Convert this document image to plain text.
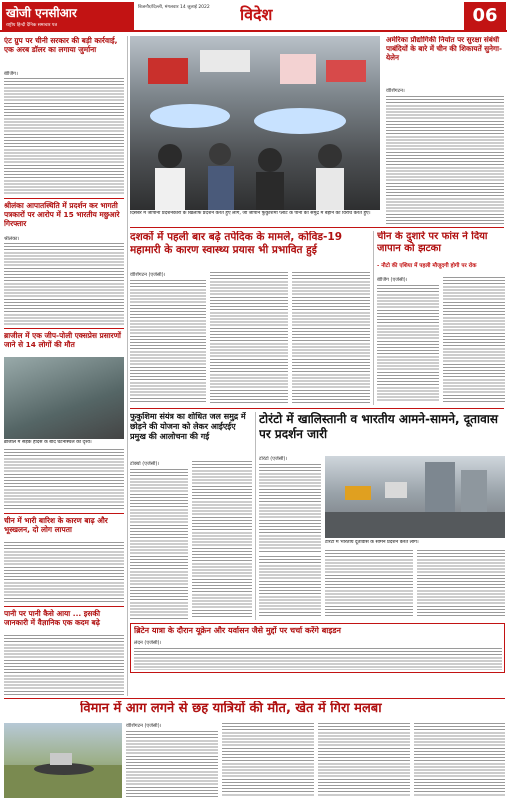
खोजी एनसीआर
राष्ट्रीय हिन्दी दैनिक समाचार पत्र
बिजनौर/दिल्ली, मंगलवार 14 जुलाई 2022	विदेश	06
एंट ग्रुप पर चीनी सरकार की बड़ी कार्रवाई, एक अरब डॉलर का लगाया जुर्माना
बीजिंग।
श्रीलंका आपातस्थिति में प्रदर्शन कर भागती पत्रकारों पर आरोप में 15 भारतीय मछुआरे गिरफ्तार
श्रीलंका।
ब्राजील में एक जीप-पोली एक्सप्रेस प्रसारणों जाने से 14 लोगों की मौत
ब्राजील में सड़क हादसे के बाद घटनास्थल का दृश्य।
चीन में भारी बारिश के कारण बाढ़ और भूस्खलन, दो लोग लापता
पानी पर पानी कैसे आया ... इसकी जानकारी में वैज्ञानिक एक कदम बढ़े
दिसंबर में जापानी प्रदर्शनकारी के खिलाफ प्रदर्शन करते हुए लोग, जो जापान फुकुशिमा प्लांट के पानी को समुद्र में बहाने का विरोध करते हुए।
अमेरिका प्रौद्योगिकी निर्यात पर सुरक्षा संबंधी पाबंदियों के बारे में चीन की शिकायतें सुनेगा-येलेन
वॉशिंगटन।
दशकों में पहली बार बढ़े तपेदिक के मामले, कोविड-19 महामारी के कारण स्वास्थ्य प्रयास भी प्रभावित हुई
वॉशिंगटन (एजेंसी)।
चीन के दुशारे पर फांस ने दिया जापान को झटका
- नौटो की एशिया में पहली मौजूदगी होगी पर रोक
बीजिंग (एजेंसी)।
फुकुशिमा संयंत्र का शोधित जल समुद्र में छोड़ने की योजना को लेकर आईएईए प्रमुख की आलोचना की गई
टोक्यो (एजेंसी)।
टोरंटो में खालिस्तानी व भारतीय आमने-सामने, दूतावास पर प्रदर्शन जारी
टोरंटो (एजेंसी)।
टोरंटो में भारतीय दूतावास के सामने प्रदर्शन करते लोग।
ब्रिटेन यात्रा के दौरान यूक्रेन और यर्वासन जैसे मुद्दों पर चर्चा करेंगे बाइडन
लंदन (एजेंसी)।
विमान में आग लगने से छह यात्रियों की मौत, खेत में गिरा मलबा
वॉशिंगटन (एजेंसी)।
